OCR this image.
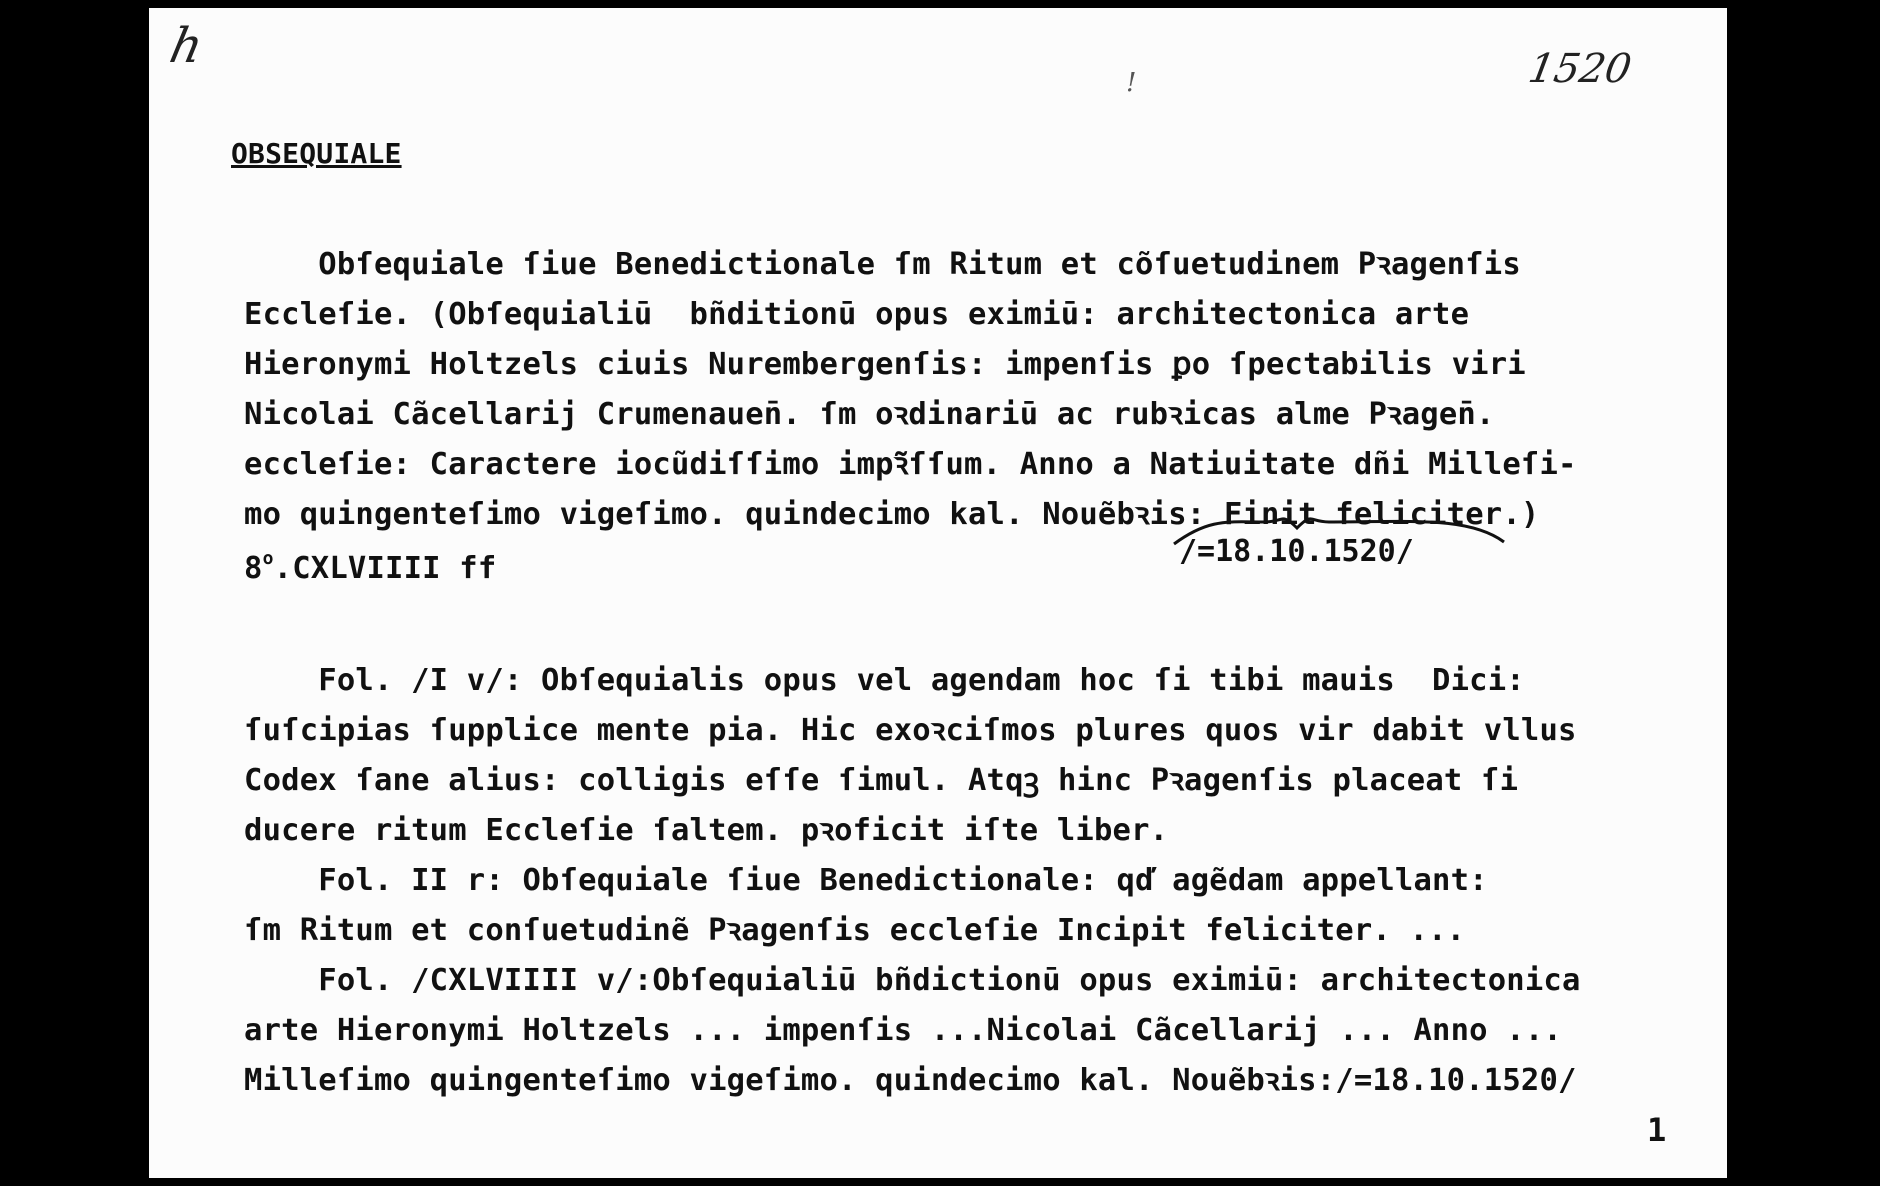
h
!	1520
OBSEQUIALE
Obſequiale ſiue Benedictionale ſm Ritum et cõſuetudinem Pꝛagenſis
Eccleſie. (Obſequialiū  bñditionū opus eximiū: architectonica arte
Hieronymi Holtzels ciuis Nurembergenſis: impenſis ꝑo ſpectabilis viri
Nicolai Cãcellarij Crumenauen̄. ſm oꝛdinariū ac rubꝛicas alme Pꝛagen̄.
eccleſie: Caractere iocũdiſſimo impꝛ̃ſſum. Anno a Natiuitate dñi Milleſi-
mo quingenteſimo vigeſimo. quindecimo kal. Nouẽbꝛis: Finit feliciter.)
/=18.10.1520/
8$^o$.CXLVIIII ff
Fol. /I v/: Obſequialis opus vel agendam hoc ſi tibi mauis  Dici:
ſuſcipias ſupplice mente pia. Hic exoꝛciſmos plures quos vir dabit vllus
Codex ſane alius: colligis eſſe ſimul. Atqꝫ hinc Pꝛagenſis placeat ſi
ducere ritum Eccleſie ſaltem. pꝛoficit iſte liber.
Fol. II r: Obſequiale ſiue Benedictionale: qď agẽdam appellant:
ſm Ritum et conſuetudinẽ Pꝛagenſis eccleſie Incipit feliciter. ...
Fol. /CXLVIIII v/:Obſequialiū bñdictionū opus eximiū: architectonica
arte Hieronymi Holtzels ... impenſis ...Nicolai Cãcellarij ... Anno ...
Milleſimo quingenteſimo vigeſimo. quindecimo kal. Nouẽbꝛis:/=18.10.1520/
1
